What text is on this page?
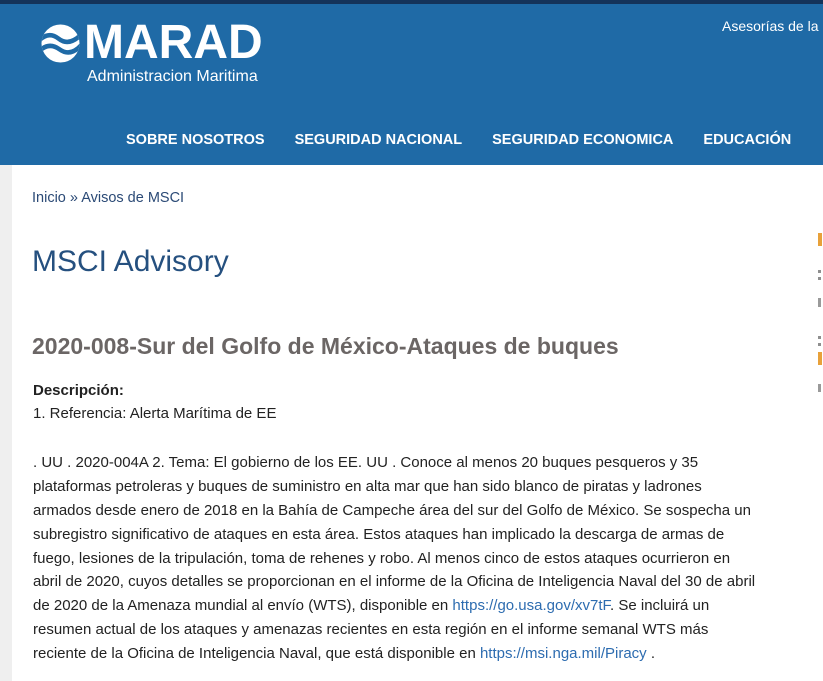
MARAD
Administracion Maritima
Asesorías de la
SOBRE NOSOTROS SEGURIDAD NACIONAL SEGURIDAD ECONOMICA EDUCACIÓN
Inicio » Avisos de MSCI
MSCI Advisory
2020-008-Sur del Golfo de México-Ataques de buques
Descripción:
1. Referencia: Alerta Marítima de EE
. UU . 2020-004A 2. Tema: El gobierno de los EE. UU . Conoce al menos 20 buques pesqueros y 35
plataformas petroleras y buques de suministro en alta mar que han sido blanco de piratas y ladrones
armados desde enero de 2018 en la Bahía de Campeche área del sur del Golfo de México. Se sospecha un
subregistro significativo de ataques en esta área. Estos ataques han implicado la descarga de armas de
fuego, lesiones de la tripulación, toma de rehenes y robo. Al menos cinco de estos ataques ocurrieron en
abril de 2020, cuyos detalles se proporcionan en el informe de la Oficina de Inteligencia Naval del 30 de abril
de 2020 de la Amenaza mundial al envío (WTS), disponible en https://go.usa.gov/xv7tF. Se incluirá un
resumen actual de los ataques y amenazas recientes en esta región en el informe semanal WTS más
reciente de la Oficina de Inteligencia Naval, que está disponible en https://msi.nga.mil/Piracy .
